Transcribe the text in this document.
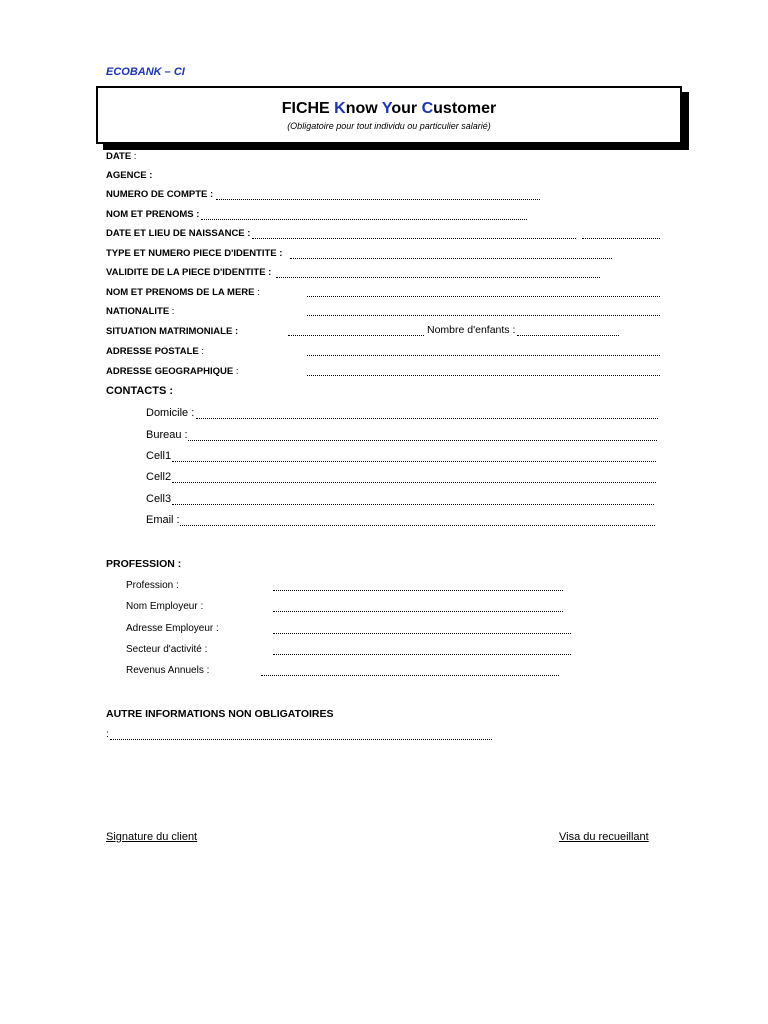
ECOBANK – CI
FICHE Know Your Customer
(Obligatoire pour tout individu ou particulier salarié)
DATE :
AGENCE :
NUMERO DE COMPTE :
NOM ET PRENOMS :
DATE ET LIEU DE NAISSANCE :
TYPE ET NUMERO PIECE D'IDENTITE :
VALIDITE DE LA PIECE D'IDENTITE :
NOM ET PRENOMS DE LA MERE :
NATIONALITE :
SITUATION MATRIMONIALE :	Nombre d'enfants :
ADRESSE POSTALE :
ADRESSE GEOGRAPHIQUE :
CONTACTS :
Domicile :
Bureau :
Cell1
Cell2
Cell3
Email :
PROFESSION :
Profession :
Nom Employeur :
Adresse Employeur :
Secteur d'activité :
Revenus Annuels :
AUTRE INFORMATIONS NON OBLIGATOIRES
:
Signature du client	Visa du recueillant
